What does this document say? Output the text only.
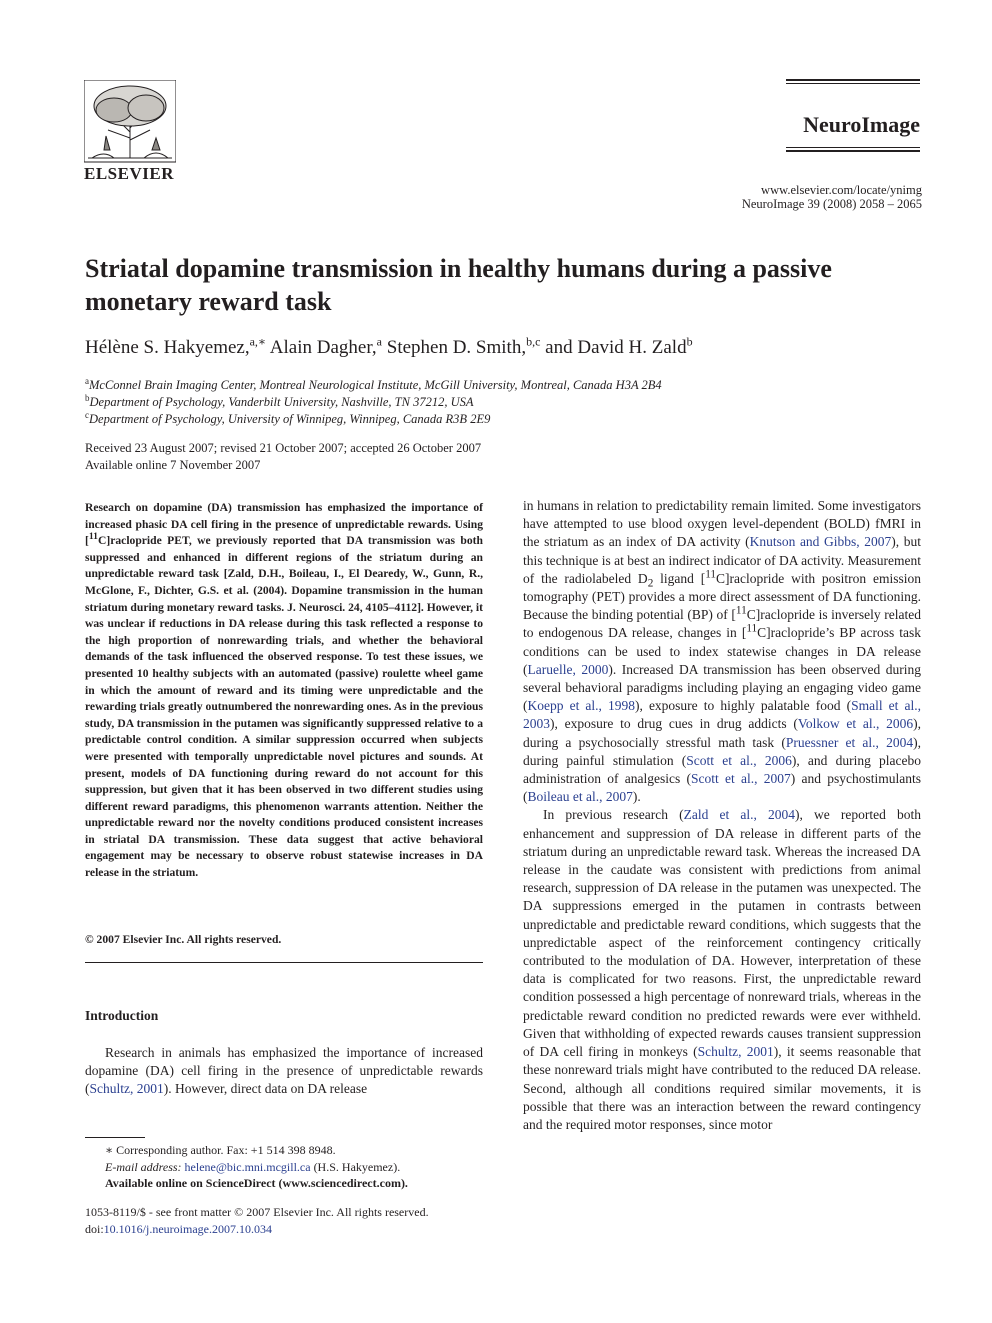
ELSEVIER
NeuroImage
www.elsevier.com/locate/ynimg
NeuroImage 39 (2008) 2058 – 2065
Striatal dopamine transmission in healthy humans during a passive monetary reward task
Hélène S. Hakyemez,$^{a,∗}$ Alain Dagher,$^a$ Stephen D. Smith,$^{b,c}$ and David H. Zald$^b$
$^a$McConnel Brain Imaging Center, Montreal Neurological Institute, McGill University, Montreal, Canada H3A 2B4
$^b$Department of Psychology, Vanderbilt University, Nashville, TN 37212, USA
$^c$Department of Psychology, University of Winnipeg, Winnipeg, Canada R3B 2E9
Received 23 August 2007; revised 21 October 2007; accepted 26 October 2007
Available online 7 November 2007
Research on dopamine (DA) transmission has emphasized the importance of increased phasic DA cell firing in the presence of unpredictable rewards. Using [$^{11}$C]raclopride PET, we previously reported that DA transmission was both suppressed and enhanced in different regions of the striatum during an unpredictable reward task [Zald, D.H., Boileau, I., El Dearedy, W., Gunn, R., McGlone, F., Dichter, G.S. et al. (2004). Dopamine transmission in the human striatum during monetary reward tasks. J. Neurosci. 24, 4105–4112]. However, it was unclear if reductions in DA release during this task reflected a response to the high proportion of nonrewarding trials, and whether the behavioral demands of the task influenced the observed response. To test these issues, we presented 10 healthy subjects with an automated (passive) roulette wheel game in which the amount of reward and its timing were unpredictable and the rewarding trials greatly outnumbered the nonrewarding ones. As in the previous study, DA transmission in the putamen was significantly suppressed relative to a predictable control condition. A similar suppression occurred when subjects were presented with temporally unpredictable novel pictures and sounds. At present, models of DA functioning during reward do not account for this suppression, but given that it has been observed in two different studies using different reward paradigms, this phenomenon warrants attention. Neither the unpredictable reward nor the novelty conditions produced consistent increases in striatal DA transmission. These data suggest that active behavioral engagement may be necessary to observe robust statewise increases in DA release in the striatum.
© 2007 Elsevier Inc. All rights reserved.
Introduction
Research in animals has emphasized the importance of increased dopamine (DA) cell firing in the presence of unpredictable rewards (Schultz, 2001). However, direct data on DA release
∗ Corresponding author. Fax: +1 514 398 8948.
E-mail address: helene@bic.mni.mcgill.ca (H.S. Hakyemez).
Available online on ScienceDirect (www.sciencedirect.com).
1053-8119/$ - see front matter © 2007 Elsevier Inc. All rights reserved.
doi:10.1016/j.neuroimage.2007.10.034

in humans in relation to predictability remain limited. Some investigators have attempted to use blood oxygen level-dependent (BOLD) fMRI in the striatum as an index of DA activity (Knutson and Gibbs, 2007), but this technique is at best an indirect indicator of DA activity. Measurement of the radiolabeled $D_2$ ligand [$^{11}$C]raclopride with positron emission tomography (PET) provides a more direct assessment of DA functioning. Because the binding potential (BP) of [$^{11}$C]raclopride is inversely related to endogenous DA release, changes in [$^{11}$C]raclopride’s BP across task conditions can be used to index statewise changes in DA release (Laruelle, 2000). Increased DA transmission has been observed during several behavioral paradigms including playing an engaging video game (Koepp et al., 1998), exposure to highly palatable food (Small et al., 2003), exposure to drug cues in drug addicts (Volkow et al., 2006), during a psychosocially stressful math task (Pruessner et al., 2004), during painful stimulation (Scott et al., 2006), and during placebo administration of analgesics (Scott et al., 2007) and psychostimulants (Boileau et al., 2007).

In previous research (Zald et al., 2004), we reported both enhancement and suppression of DA release in different parts of the striatum during an unpredictable reward task. Whereas the increased DA release in the caudate was consistent with predictions from animal research, suppression of DA release in the putamen was unexpected. The DA suppressions emerged in the putamen in contrasts between unpredictable and predictable reward conditions, which suggests that the unpredictable aspect of the reinforcement contingency critically contributed to the modulation of DA. However, interpretation of these data is complicated for two reasons. First, the unpredictable reward condition possessed a high percentage of nonreward trials, whereas in the predictable reward condition no predicted rewards were ever withheld. Given that withholding of expected rewards causes transient suppression of DA cell firing in monkeys (Schultz, 2001), it seems reasonable that these nonreward trials might have contributed to the reduced DA release. Second, although all conditions required similar movements, it is possible that there was an interaction between the reward contingency and the required motor responses, since motor
